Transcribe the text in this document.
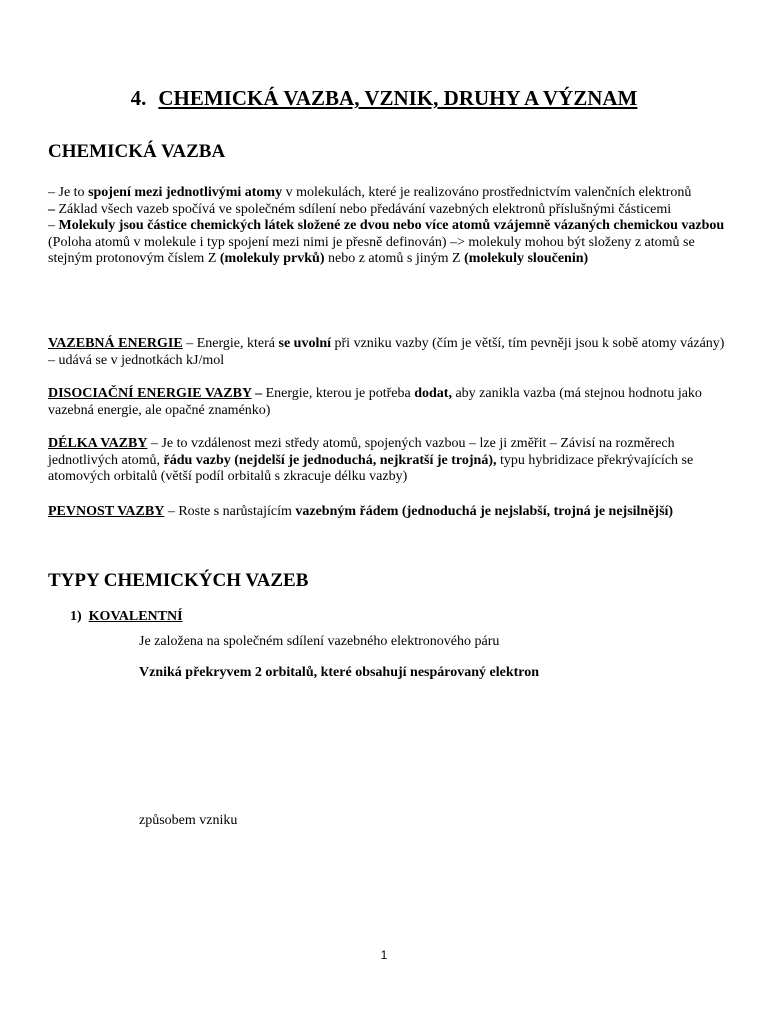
4. CHEMICKÁ VAZBA, VZNIK, DRUHY A VÝZNAM
CHEMICKÁ VAZBA
– Je to spojení mezi jednotlivými atomy v molekulách, které je realizováno prostřednictvím valenčních elektronů
– Základ všech vazeb spočívá ve společném sdílení nebo předávání vazebných elektronů příslušnými částicemi
– Molekuly jsou částice chemických látek složené ze dvou nebo více atomů vzájemně vázaných chemickou vazbou (Poloha atomů v molekule i typ spojení mezi nimi je přesně definován) –> molekuly mohou být složeny z atomů se stejným protonovým číslem Z (molekuly prvků) nebo z atomů s jiným Z (molekuly sloučenin)
VAZEBNÁ ENERGIE – Energie, která se uvolní při vzniku vazby (čím je větší, tím pevněji jsou k sobě atomy vázány) – udává se v jednotkách kJ/mol
DISOCIAČNÍ ENERGIE VAZBY – Energie, kterou je potřeba dodat, aby zanikla vazba (má stejnou hodnotu jako vazebná energie, ale opačné znaménko)
DÉLKA VAZBY – Je to vzdálenost mezi středy atomů, spojených vazbou – lze ji změřit – Závisí na rozměrech jednotlivých atomů, řádu vazby (nejdelší je jednoduchá, nejkratší je trojná), typu hybridizace překrývajících se atomových orbitalů (větší podíl orbitalů s zkracuje délku vazby)
PEVNOST VAZBY – Roste s narůstajícím vazebným řádem (jednoduchá je nejslabší, trojná je nejsilnější)
TYPY CHEMICKÝCH VAZEB
1) KOVALENTNÍ
Je založena na společném sdílení vazebného elektronového páru
Vzniká překryvem 2 orbitalů, které obsahují nespárovaný elektron
způsobem vzniku
1
